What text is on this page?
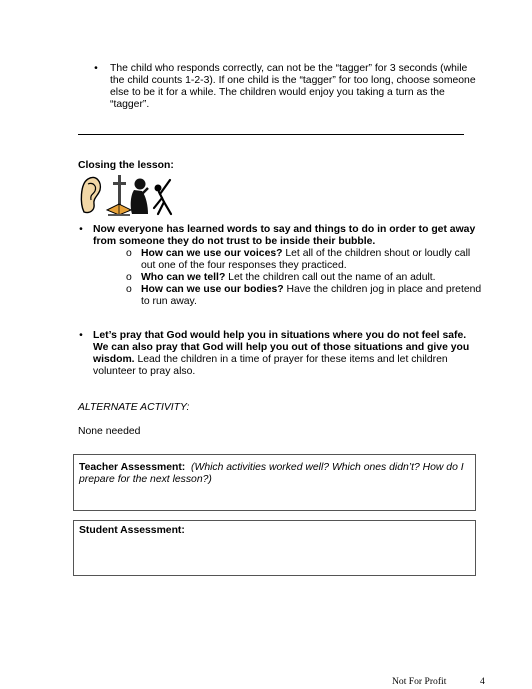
• The child who responds correctly, can not be the “tagger” for 3 seconds (while
the child counts 1-2-3). If one child is the “tagger” for too long, choose someone
else to be it for a while. The children would enjoy you taking a turn as the
“tagger”.
Closing the lesson:
• Now everyone has learned words to say and things to do in order to get away
from someone they do not trust to be inside their bubble.
o How can we use our voices? Let all of the children shout or loudly call
out one of the four responses they practiced.
o Who can we tell? Let the children call out the name of an adult.
o How can we use our bodies? Have the children jog in place and pretend
to run away.
• Let’s pray that God would help you in situations where you do not feel safe.
We can also pray that God will help you out of those situations and give you
wisdom. Lead the children in a time of prayer for these items and let children
volunteer to pray also.
ALTERNATE ACTIVITY:
None needed
Teacher Assessment: (Which activities worked well? Which ones didn’t? How do I
prepare for the next lesson?)
Student Assessment:
Not For Profit	4
